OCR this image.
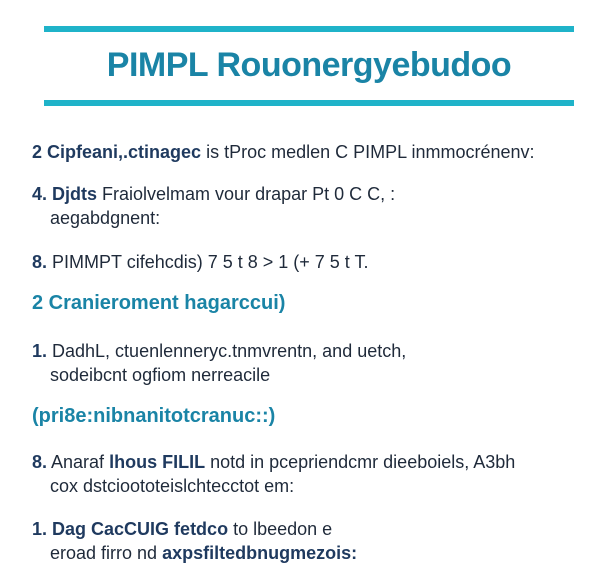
PIMPL Rouonergyebudoo
2 Cipfeani,.ctinagec is tProc medlen C PIMPL inmmocrénenv:
4. Djdts Fraiolvelmam vour drapar Pt 0 C C, :
aegabdgnent:
8. PIMMPT cifehcdis) 7 5 t 8 > 1 (+ 7 5 t T.
2 Cranieroment hagarccui)
1. DadhL, ctuenlenneryc.tnmvrentn, and uetch,
sodeibcnt ogfiom nerreacile
(pri8e:nibnanitotcranuc::)
8. Anaraf lhous FILIL notd in pcepriendcmr dieeboiels, A3bh
cox dstcioototeislchtecctot em:
1. Dag CacCUIG fetdco to lbeedon e
eroad firro nd axpsfiltedbnugmezois:
